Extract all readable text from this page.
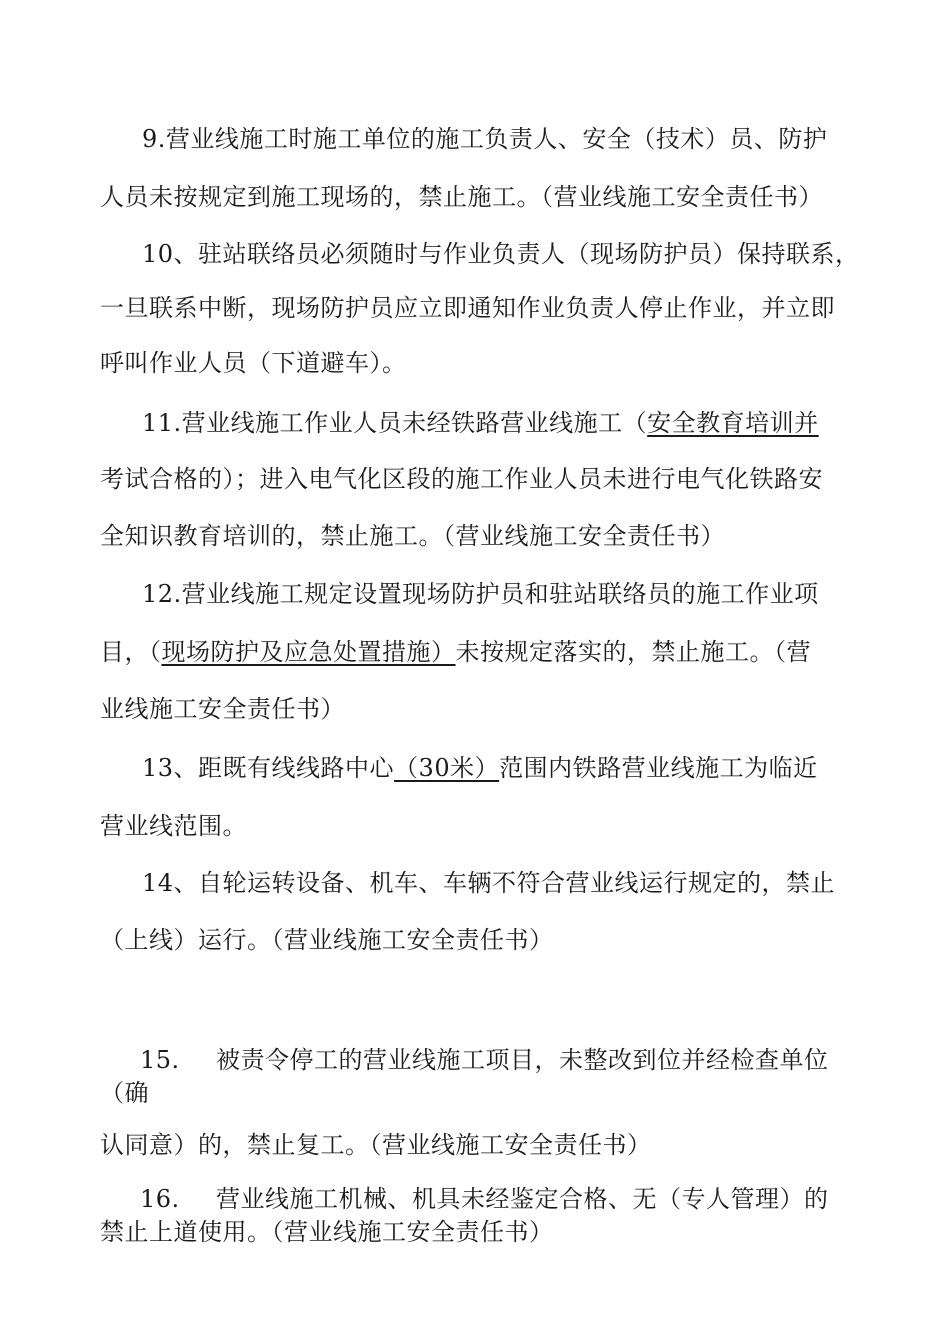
9.营业线施工时施工单位的施工负责人、安全（技术）员、防护
人员未按规定到施工现场的，禁止施工。（营业线施工安全责任书）
10、驻站联络员必须随时与作业负责人（现场防护员）保持联系，
一旦联系中断，现场防护员应立即通知作业负责人停止作业，并立即
呼叫作业人员（下道避车）。
11.营业线施工作业人员未经铁路营业线施工（安全教育培训并
考试合格的）；进入电气化区段的施工作业人员未进行电气化铁路安
全知识教育培训的，禁止施工。（营业线施工安全责任书）
12.营业线施工规定设置现场防护员和驻站联络员的施工作业项
目，（现场防护及应急处置措施）未按规定落实的，禁止施工。（营
业线施工安全责任书）
13、距既有线线路中心（30米）范围内铁路营业线施工为临近
营业线范围。
14、自轮运转设备、机车、车辆不符合营业线运行规定的，禁止
（上线）运行。（营业线施工安全责任书）
15. 被责令停工的营业线施工项目，未整改到位并经检查单位
（确
认同意）的，禁止复工。（营业线施工安全责任书）
16. 营业线施工机械、机具未经鉴定合格、无（专人管理）的
禁止上道使用。（营业线施工安全责任书）
